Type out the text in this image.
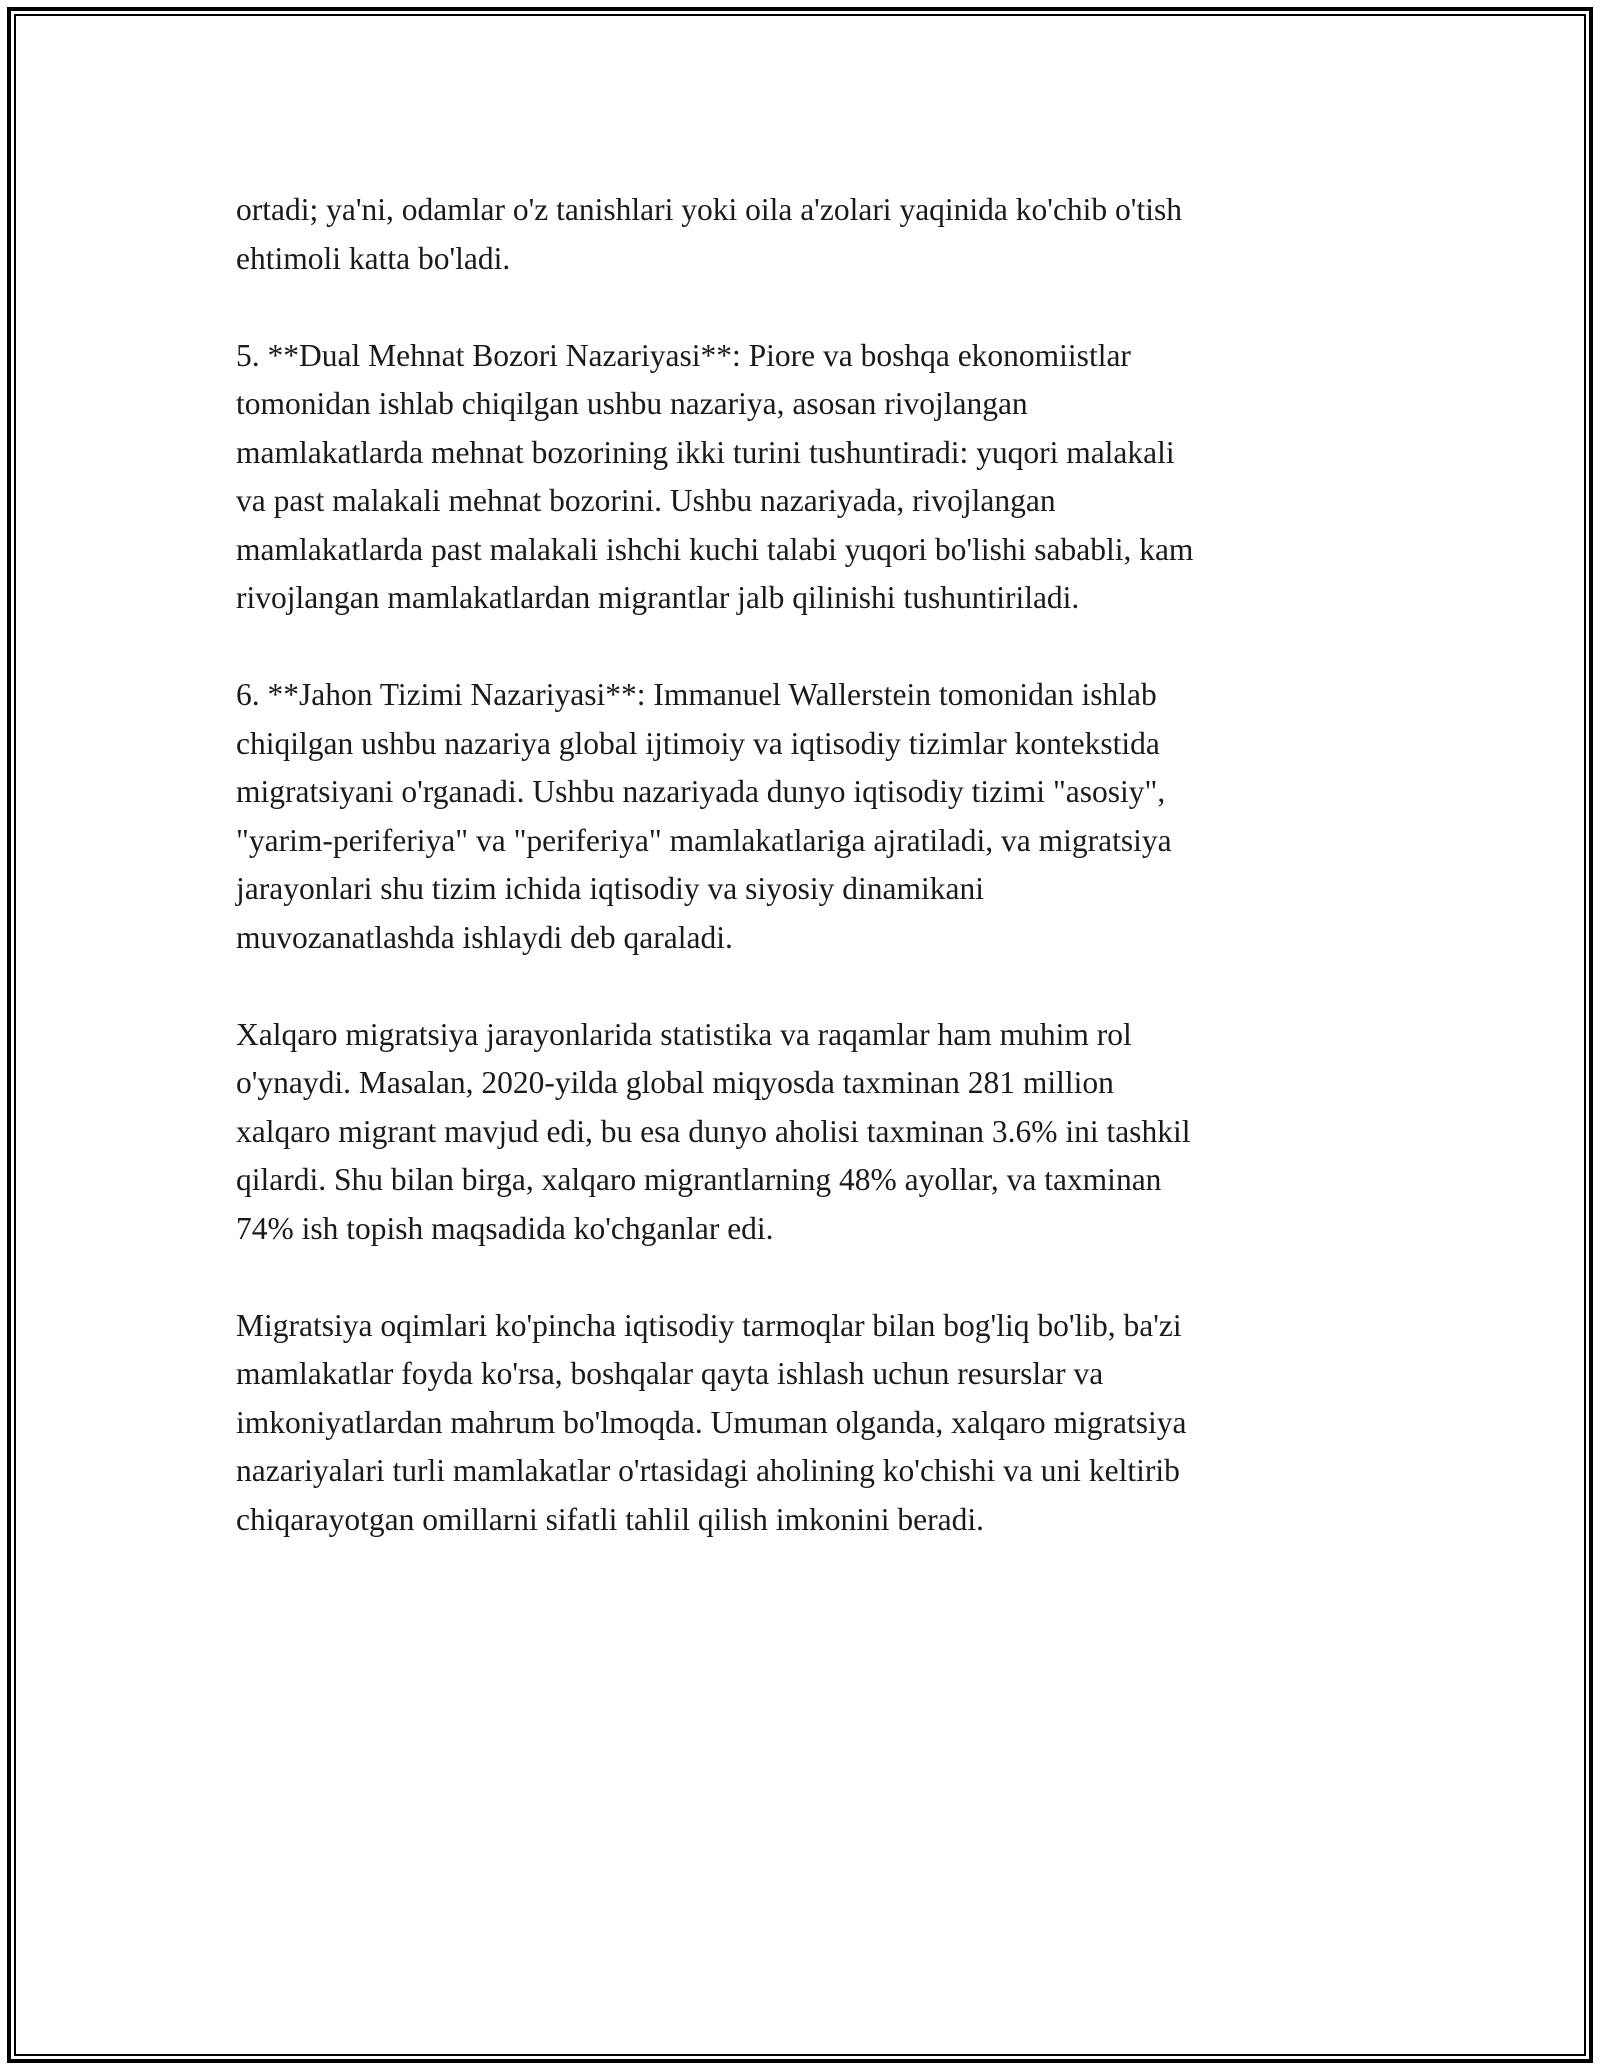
ortadi; ya'ni, odamlar o'z tanishlari yoki oila a'zolari yaqinida ko'chib o'tish
ehtimoli katta bo'ladi.

5. **Dual Mehnat Bozori Nazariyasi**: Piore va boshqa ekonomiistlar
tomonidan ishlab chiqilgan ushbu nazariya, asosan rivojlangan
mamlakatlarda mehnat bozorining ikki turini tushuntiradi: yuqori malakali
va past malakali mehnat bozorini. Ushbu nazariyada, rivojlangan
mamlakatlarda past malakali ishchi kuchi talabi yuqori bo'lishi sababli, kam
rivojlangan mamlakatlardan migrantlar jalb qilinishi tushuntiriladi.

6. **Jahon Tizimi Nazariyasi**: Immanuel Wallerstein tomonidan ishlab
chiqilgan ushbu nazariya global ijtimoiy va iqtisodiy tizimlar kontekstida
migratsiyani o'rganadi. Ushbu nazariyada dunyo iqtisodiy tizimi "asosiy",
"yarim-periferiya" va "periferiya" mamlakatlariga ajratiladi, va migratsiya
jarayonlari shu tizim ichida iqtisodiy va siyosiy dinamikani
muvozanatlashda ishlaydi deb qaraladi.

Xalqaro migratsiya jarayonlarida statistika va raqamlar ham muhim rol
o'ynaydi. Masalan, 2020-yilda global miqyosda taxminan 281 million
xalqaro migrant mavjud edi, bu esa dunyo aholisi taxminan 3.6% ini tashkil
qilardi. Shu bilan birga, xalqaro migrantlarning 48% ayollar, va taxminan
74% ish topish maqsadida ko'chganlar edi.

Migratsiya oqimlari ko'pincha iqtisodiy tarmoqlar bilan bog'liq bo'lib, ba'zi
mamlakatlar foyda ko'rsa, boshqalar qayta ishlash uchun resurslar va
imkoniyatlardan mahrum bo'lmoqda. Umuman olganda, xalqaro migratsiya
nazariyalari turli mamlakatlar o'rtasidagi aholining ko'chishi va uni keltirib
chiqarayotgan omillarni sifatli tahlil qilish imkonini beradi.
